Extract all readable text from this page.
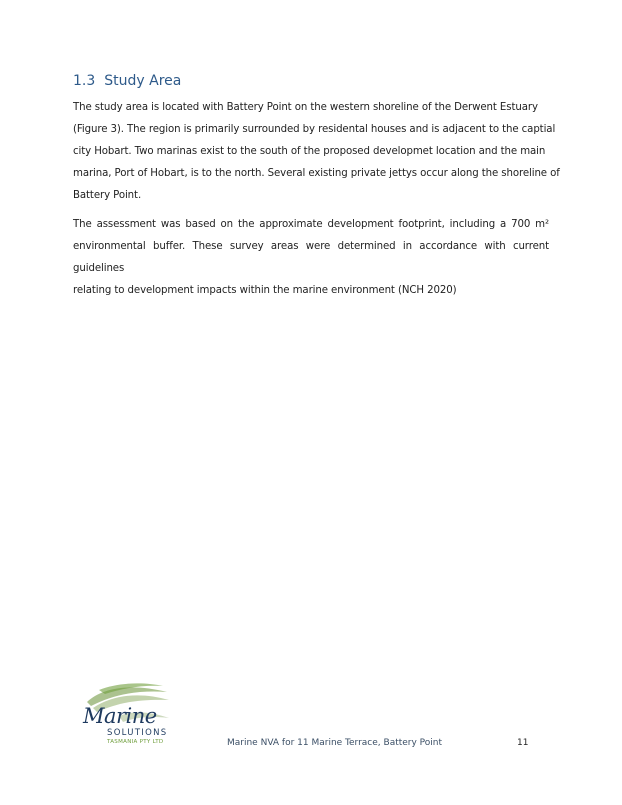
1.3 Study Area

The study area is located with Battery Point on the western shoreline of the Derwent Estuary
(Figure 3). The region is primarily surrounded by residental houses and is adjacent to the captial
city Hobart. Two marinas exist to the south of the proposed developmet location and the main
marina, Port of Hobart, is to the north. Several existing private jettys occur along the shoreline of
Battery Point.

The assessment was based on the approximate development footprint, including a 700 m²
environmental buffer. These survey areas were determined in accordance with current guidelines
relating to development impacts within the marine environment (NCH 2020)

Marine
SOLUTIONS
TASMANIA PTY LTD	Marine NVA for 11 Marine Terrace, Battery Point	11
